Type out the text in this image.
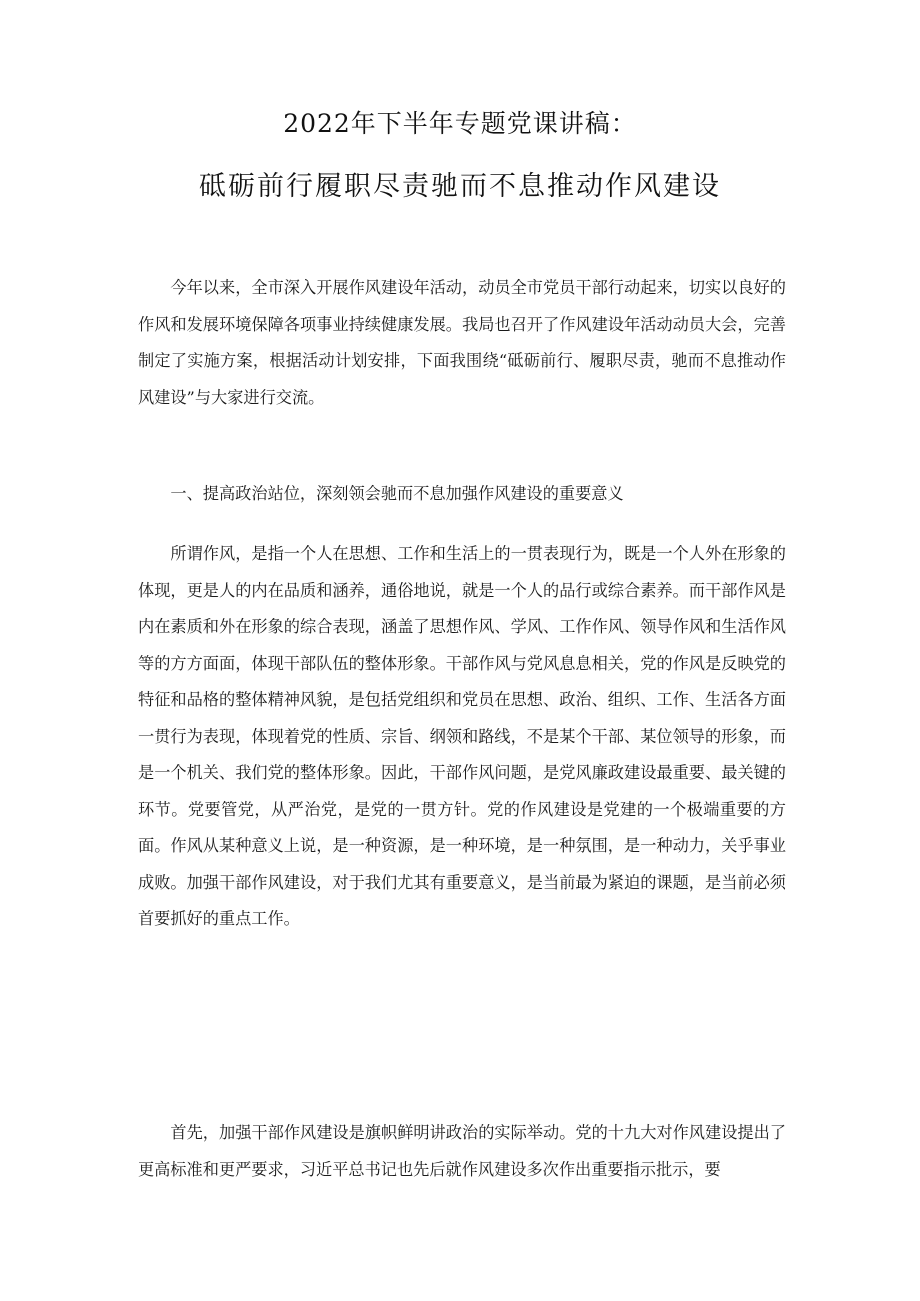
2022年下半年专题党课讲稿：
砥砺前行履职尽责驰而不息推动作风建设

今年以来，全市深入开展作风建设年活动，动员全市党员干部行动起来，切实以良好的作风和发展环境保障各项事业持续健康发展。我局也召开了作风建设年活动动员大会，完善制定了实施方案，根据活动计划安排，下面我围绕“砥砺前行、履职尽责，驰而不息推动作风建设”与大家进行交流。

一、提高政治站位，深刻领会驰而不息加强作风建设的重要意义

所谓作风，是指一个人在思想、工作和生活上的一贯表现行为，既是一个人外在形象的体现，更是人的内在品质和涵养，通俗地说，就是一个人的品行或综合素养。而干部作风是内在素质和外在形象的综合表现，涵盖了思想作风、学风、工作作风、领导作风和生活作风等的方方面面，体现干部队伍的整体形象。干部作风与党风息息相关，党的作风是反映党的特征和品格的整体精神风貌，是包括党组织和党员在思想、政治、组织、工作、生活各方面一贯行为表现，体现着党的性质、宗旨、纲领和路线，不是某个干部、某位领导的形象，而是一个机关、我们党的整体形象。因此，干部作风问题，是党风廉政建设最重要、最关键的环节。党要管党，从严治党，是党的一贯方针。党的作风建设是党建的一个极端重要的方面。作风从某种意义上说，是一种资源，是一种环境，是一种氛围，是一种动力，关乎事业成败。加强干部作风建设，对于我们尤其有重要意义，是当前最为紧迫的课题，是当前必须首要抓好的重点工作。

首先，加强干部作风建设是旗帜鲜明讲政治的实际举动。党的十九大对作风建设提出了更高标准和更严要求，习近平总书记也先后就作风建设多次作出重要指示批示，要
